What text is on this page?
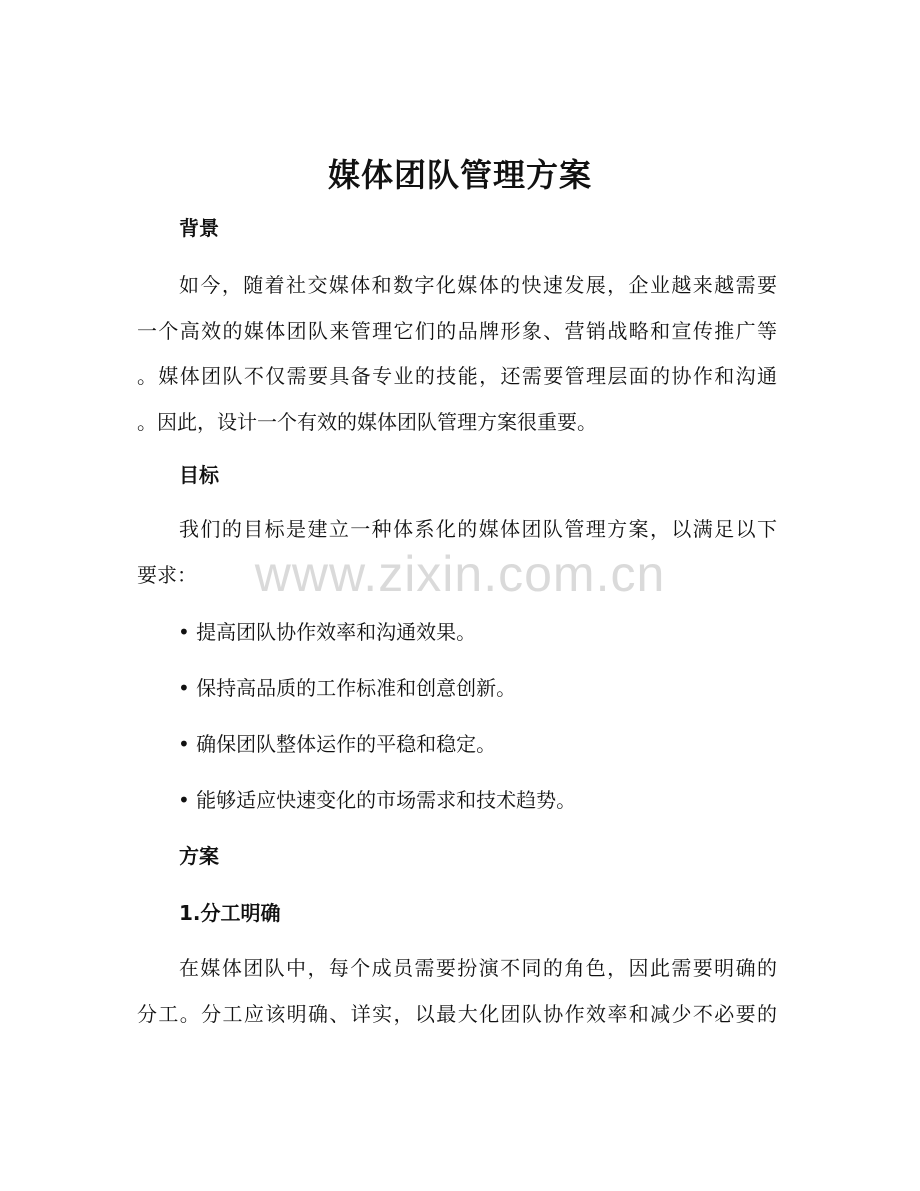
媒体团队管理方案
背景
如今，随着社交媒体和数字化媒体的快速发展，企业越来越需要
一个高效的媒体团队来管理它们的品牌形象、营销战略和宣传推广等
。媒体团队不仅需要具备专业的技能，还需要管理层面的协作和沟通
。因此，设计一个有效的媒体团队管理方案很重要。
目标
我们的目标是建立一种体系化的媒体团队管理方案，以满足以下
要求：
• 提高团队协作效率和沟通效果。
• 保持高品质的工作标准和创意创新。
• 确保团队整体运作的平稳和稳定。
• 能够适应快速变化的市场需求和技术趋势。
方案
1.分工明确
在媒体团队中，每个成员需要扮演不同的角色，因此需要明确的
分工。分工应该明确、详实，以最大化团队协作效率和减少不必要的
www.zixin.com.cn
